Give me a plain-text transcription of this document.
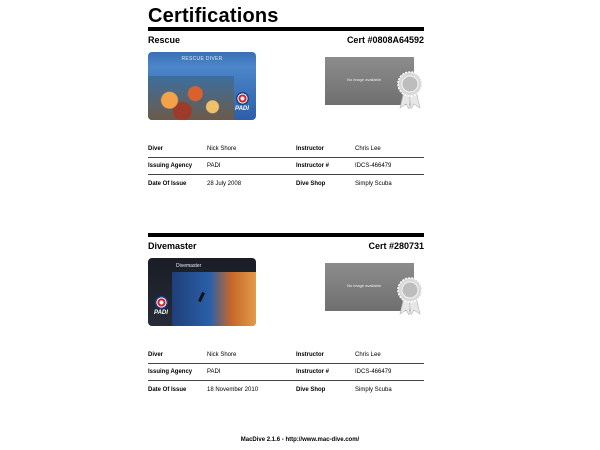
Certifications
Rescue	Cert #0808A64592
RESCUE DIVER
PADI
No image available
Diver	Nick Shore	Instructor	Chris Lee
Issuing Agency	PADI	Instructor #	IDCS-466479
Date Of Issue	28 July 2008	Dive Shop	Simply Scuba
Divemaster	Cert #280731
Divemaster
PADI
No image available
Diver	Nick Shore	Instructor	Chris Lee
Issuing Agency	PADI	Instructor #	IDCS-466479
Date Of Issue	18 November 2010	Dive Shop	Simply Scuba
MacDive 2.1.6 - http://www.mac-dive.com/
